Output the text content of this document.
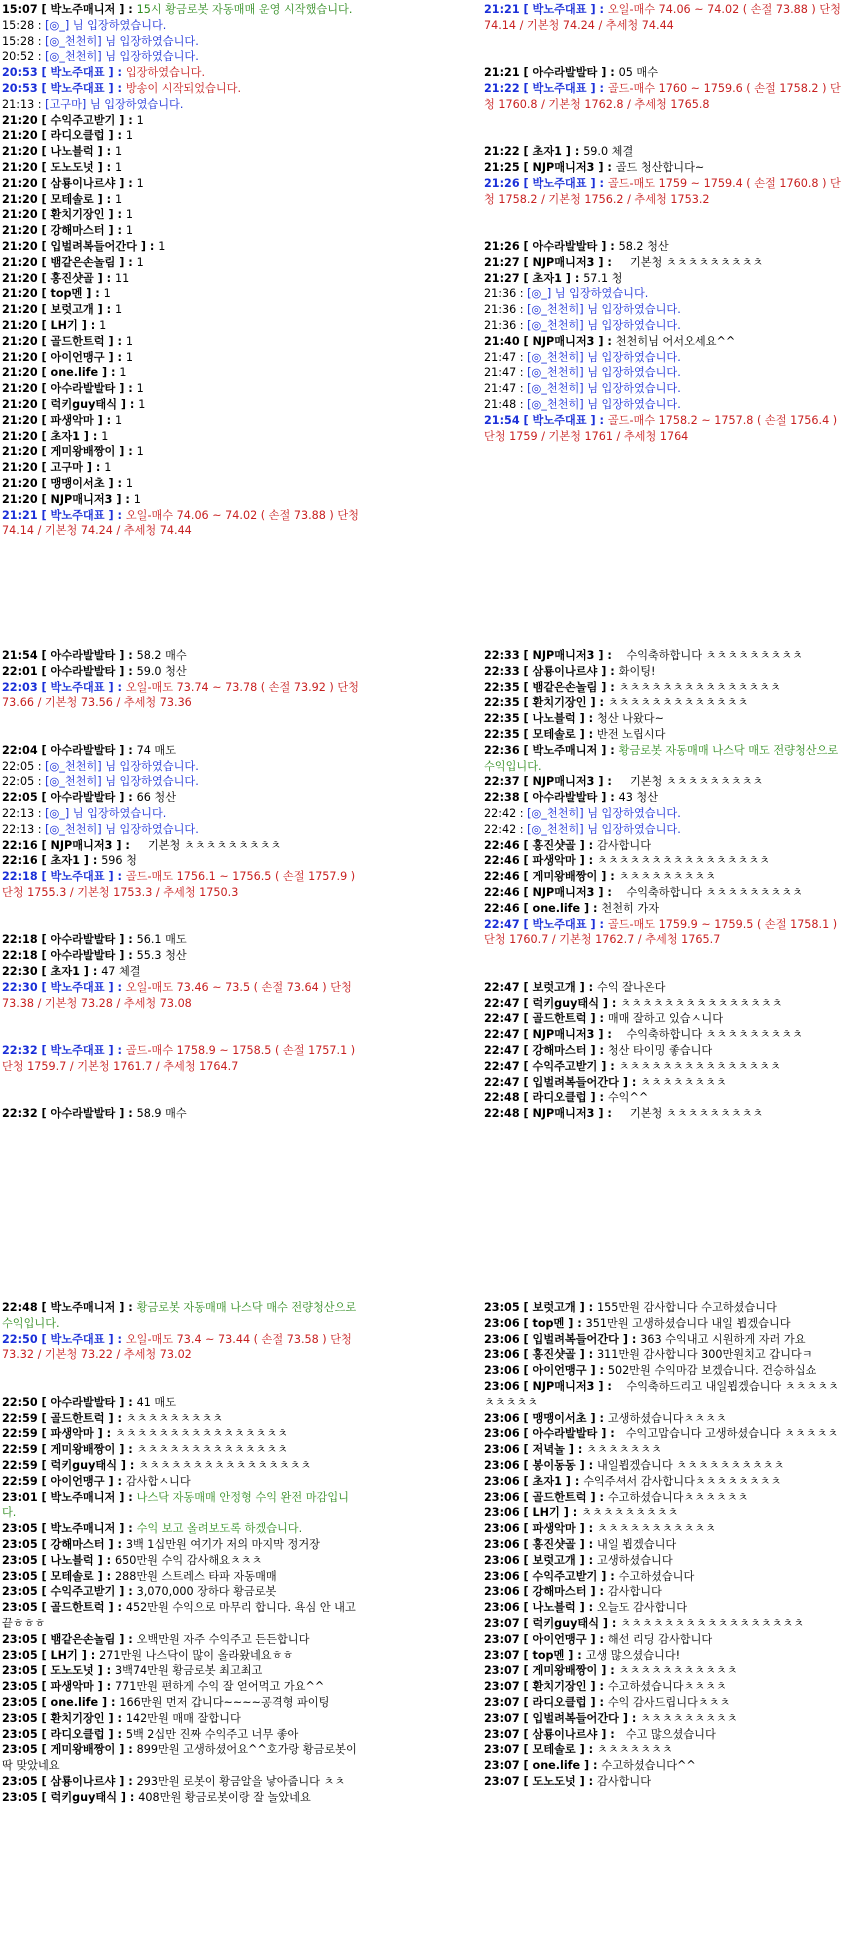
15:07 [ 박노주매니저 ] : 15시 황금로봇 자동매매 운영 시작했습니다.
15:28 : [◎_] 님 입장하였습니다.
15:28 : [◎_천천히] 님 입장하였습니다.
20:52 : [◎_천천히] 님 입장하였습니다.
20:53 [ 박노주대표 ] : 입장하였습니다.
20:53 [ 박노주대표 ] : 방송이 시작되었습니다.
21:13 : [고구마] 님 입장하였습니다.
21:20 [ 수익주고받기 ] : 1
21:20 [ 라디오클럽 ] : 1
21:20 [ 나노블럭 ] : 1
21:20 [ 도노도넛 ] : 1
21:20 [ 삼룡이나르샤 ] : 1
21:20 [ 모테솔로 ] : 1
21:20 [ 환치기장인 ] : 1
21:20 [ 강해마스터 ] : 1
21:20 [ 입벌려복들어간다 ] : 1
21:20 [ 뱀같은손놀림 ] : 1
21:20 [ 홍진샷골 ] : 11
21:20 [ top멘 ] : 1
21:20 [ 보럿고개 ] : 1
21:20 [ LH기 ] : 1
21:20 [ 골드한트럭 ] : 1
21:20 [ 아이언맹구 ] : 1
21:20 [ one.life ] : 1
21:20 [ 아수라발발타 ] : 1
21:20 [ 럭키guy태식 ] : 1
21:20 [ 파생악마 ] : 1
21:20 [ 초자1 ] : 1
21:20 [ 게미왕배짱이 ] : 1
21:20 [ 고구마 ] : 1
21:20 [ 맹맹이서초 ] : 1
21:20 [ NJP매니저3 ] : 1
21:21 [ 박노주대표 ] : 오일-매수 74.06 ~ 74.02 ( 손절 73.88 ) 단청 74.14 / 기본청 74.24 / 추세청 74.44
21:21 [ 박노주대표 ] : 오일-매수 74.06 ~ 74.02 ( 손절 73.88 ) 단청 74.14 / 기본청 74.24 / 추세청 74.44
21:21 [ 아수라발발타 ] : 05 매수
21:22 [ 박노주대표 ] : 골드-매수 1760 ~ 1759.6 ( 손절 1758.2 ) 단청 1760.8 / 기본청 1762.8 / 추세청 1765.8
21:22 [ 초자1 ] : 59.0 체결
21:25 [ NJP매니저3 ] : 골드 청산합니다~
21:26 [ 박노주대표 ] : 골드-매도 1759 ~ 1759.4 ( 손절 1760.8 ) 단청 1758.2 / 기본청 1756.2 / 추세청 1753.2
21:26 [ 아수라발발타 ] : 58.2 청산
21:27 [ NJP매니저3 ] :     기본청 ㅊㅊㅊㅊㅊㅊㅊㅊㅊ
21:27 [ 초자1 ] : 57.1 청
21:36 : [◎_] 님 입장하였습니다.
21:36 : [◎_천천히] 님 입장하였습니다.
21:36 : [◎_천천히] 님 입장하였습니다.
21:40 [ NJP매니저3 ] : 천천히님 어서오세요^^
21:47 : [◎_천천히] 님 입장하였습니다.
21:47 : [◎_천천히] 님 입장하였습니다.
21:47 : [◎_천천히] 님 입장하였습니다.
21:48 : [◎_천천히] 님 입장하였습니다.
21:54 [ 박노주대표 ] : 골드-매수 1758.2 ~ 1757.8 ( 손절 1756.4 ) 단청 1759 / 기본청 1761 / 추세청 1764
21:54 [ 아수라발발타 ] : 58.2 매수
22:01 [ 아수라발발타 ] : 59.0 청산
22:03 [ 박노주대표 ] : 오일-매도 73.74 ~ 73.78 ( 손절 73.92 ) 단청 73.66 / 기본청 73.56 / 추세청 73.36
22:04 [ 아수라발발타 ] : 74 매도
22:05 : [◎_천천히] 님 입장하였습니다.
22:05 : [◎_천천히] 님 입장하였습니다.
22:05 [ 아수라발발타 ] : 66 청산
22:13 : [◎_] 님 입장하였습니다.
22:13 : [◎_천천히] 님 입장하였습니다.
22:16 [ NJP매니저3 ] :     기본청 ㅊㅊㅊㅊㅊㅊㅊㅊㅊ
22:16 [ 초자1 ] : 596 청
22:18 [ 박노주대표 ] : 골드-매도 1756.1 ~ 1756.5 ( 손절 1757.9 ) 단청 1755.3 / 기본청 1753.3 / 추세청 1750.3
22:18 [ 아수라발발타 ] : 56.1 매도
22:18 [ 아수라발발타 ] : 55.3 청산
22:30 [ 초자1 ] : 47 체결
22:30 [ 박노주대표 ] : 오일-매도 73.46 ~ 73.5 ( 손절 73.64 ) 단청 73.38 / 기본청 73.28 / 추세청 73.08
22:32 [ 박노주대표 ] : 골드-매수 1758.9 ~ 1758.5 ( 손절 1757.1 ) 단청 1759.7 / 기본청 1761.7 / 추세청 1764.7
22:32 [ 아수라발발타 ] : 58.9 매수
22:33 [ NJP매니저3 ] :    수익축하합니다 ㅊㅊㅊㅊㅊㅊㅊㅊㅊ
22:33 [ 삼룡이나르샤 ] : 화이팅!
22:35 [ 뱀같은손놀림 ] : ㅊㅊㅊㅊㅊㅊㅊㅊㅊㅊㅊㅊㅊㅊㅊ
22:35 [ 환치기장인 ] : ㅊㅊㅊㅊㅊㅊㅊㅊㅊㅊㅊㅊㅊ
22:35 [ 나노블럭 ] : 청산 나왔다~
22:35 [ 모테솔로 ] : 반전 노립시다
22:36 [ 박노주매니저 ] : 황금로봇 자동매매 나스닥 매도 전량청산으로 수익입니다.
22:37 [ NJP매니저3 ] :     기본청 ㅊㅊㅊㅊㅊㅊㅊㅊㅊ
22:38 [ 아수라발발타 ] : 43 청산
22:42 : [◎_천천히] 님 입장하였습니다.
22:42 : [◎_천천히] 님 입장하였습니다.
22:46 [ 홍진샷골 ] : 감사합니다
22:46 [ 파생악마 ] : ㅊㅊㅊㅊㅊㅊㅊㅊㅊㅊㅊㅊㅊㅊㅊㅊ
22:46 [ 게미왕배짱이 ] : ㅊㅊㅊㅊㅊㅊㅊㅊㅊ
22:46 [ NJP매니저3 ] :    수익축하합니다 ㅊㅊㅊㅊㅊㅊㅊㅊㅊ
22:46 [ one.life ] : 천천히 가자
22:47 [ 박노주대표 ] : 골드-매도 1759.9 ~ 1759.5 ( 손절 1758.1 ) 단청 1760.7 / 기본청 1762.7 / 추세청 1765.7
22:47 [ 보럿고개 ] : 수익 잘나온다
22:47 [ 럭키guy태식 ] : ㅊㅊㅊㅊㅊㅊㅊㅊㅊㅊㅊㅊㅊㅊㅊ
22:47 [ 골드한트럭 ] : 매매 잘하고 있습ㅅ니다
22:47 [ NJP매니저3 ] :    수익축하합니다 ㅊㅊㅊㅊㅊㅊㅊㅊㅊ
22:47 [ 강해마스터 ] : 청산 타이밍 좋습니다
22:47 [ 수익주고받기 ] : ㅊㅊㅊㅊㅊㅊㅊㅊㅊㅊㅊㅊㅊㅊㅊ
22:47 [ 입벌려복들어간다 ] : ㅊㅊㅊㅊㅊㅊㅊㅊ
22:48 [ 라디오클럽 ] : 수익^^
22:48 [ NJP매니저3 ] :     기본청 ㅊㅊㅊㅊㅊㅊㅊㅊㅊ
22:48 [ 박노주매니저 ] : 황금로봇 자동매매 나스닥 매수 전량청산으로 수익입니다.
22:50 [ 박노주대표 ] : 오일-매도 73.4 ~ 73.44 ( 손절 73.58 ) 단청 73.32 / 기본청 73.22 / 추세청 73.02
22:50 [ 아수라발발타 ] : 41 매도
22:59 [ 골드한트럭 ] : ㅊㅊㅊㅊㅊㅊㅊㅊㅊ
22:59 [ 파생악마 ] : ㅊㅊㅊㅊㅊㅊㅊㅊㅊㅊㅊㅊㅊㅊㅊㅊ
22:59 [ 게미왕배짱이 ] : ㅊㅊㅊㅊㅊㅊㅊㅊㅊㅊㅊㅊㅊㅊ
22:59 [ 럭키guy태식 ] : ㅊㅊㅊㅊㅊㅊㅊㅊㅊㅊㅊㅊㅊㅊㅊㅊ
22:59 [ 아이언맹구 ] : 감사합ㅅ니다
23:01 [ 박노주매니저 ] : 나스닥 자동매매 안정형 수익 완전 마감입니다.
23:05 [ 박노주매니저 ] : 수익 보고 올려보도록 하겠습니다.
23:05 [ 강해마스터 ] : 3백 1십만원 여기가 저의 마지막 정거장
23:05 [ 나노블럭 ] : 650만원 수익 감사해요ㅊㅊㅊ
23:05 [ 모테솔로 ] : 288만원 스트레스 타파 자동매매
23:05 [ 수익주고받기 ] : 3,070,000 장하다 황금로봇
23:05 [ 골드한트럭 ] : 452만원 수익으로 마무리 합니다. 욕심 안 내고 끝ㅎㅎㅎ
23:05 [ 뱀같은손놀림 ] : 오백만원 자주 수익주고 든든합니다
23:05 [ LH기 ] : 271만원 나스닥이 많이 올라왔네요ㅎㅎ
23:05 [ 도노도넛 ] : 3백74만원 황금로봇 최고최고
23:05 [ 파생악마 ] : 771만원 편하게 수익 잘 얻어먹고 가요^^
23:05 [ one.life ] : 166만원 먼저 갑니다~~~~공격형 파이팅
23:05 [ 환치기장인 ] : 142만원 매매 잘합니다
23:05 [ 라디오클럽 ] : 5백 2십만 진짜 수익주고 너무 좋아
23:05 [ 게미왕배짱이 ] : 899만원 고생하셨어요^^호가랑 황금로봇이 딱 맞았네요
23:05 [ 삼룡이나르샤 ] : 293만원 로봇이 황금알을 낳아줍니다 ㅊㅊ
23:05 [ 럭키guy태식 ] : 408만원 황금로봇이랑 잘 놀았네요
23:05 [ 보럿고개 ] : 155만원 감사합니다 수고하셨습니다
23:06 [ top멘 ] : 351만원 고생하셨습니다 내일 뵙겠습니다
23:06 [ 입벌려복들어간다 ] : 363 수익내고 시원하게 자러 가요
23:06 [ 홍진샷골 ] : 311만원 감사합니다 300만원치고 갑니다ㅋ
23:06 [ 아이언맹구 ] : 502만원 수익마감 보겠습니다. 건승하십쇼
23:06 [ NJP매니저3 ] :    수익축하드리고 내일뵙겠습니다 ㅊㅊㅊㅊㅊㅊㅊㅊㅊㅊ
23:06 [ 맹맹이서초 ] : 고생하셨습니다ㅊㅊㅊㅊ
23:06 [ 아수라발발타 ] :   수익고맙습니다 고생하셨습니다 ㅊㅊㅊㅊㅊ
23:06 [ 저녁놀 ] : ㅊㅊㅊㅊㅊㅊㅊ
23:06 [ 봉이동동 ] : 내일뵙겠습니다 ㅊㅊㅊㅊㅊㅊㅊㅊㅊㅊ
23:06 [ 초자1 ] : 수익주셔서 감사합니다ㅊㅊㅊㅊㅊㅊㅊㅊ
23:06 [ 골드한트럭 ] : 수고하셨습니다ㅊㅊㅊㅊㅊㅊ
23:06 [ LH기 ] : ㅊㅊㅊㅊㅊㅊㅊㅊㅊ
23:06 [ 파생악마 ] : ㅊㅊㅊㅊㅊㅊㅊㅊㅊㅊㅊ
23:06 [ 홍진샷골 ] : 내일 뵙겠습니다
23:06 [ 보럿고개 ] : 고생하셨습니다
23:06 [ 수익주고받기 ] : 수고하셨습니다
23:06 [ 강해마스터 ] : 감사합니다
23:06 [ 나노블럭 ] : 오늘도 감사합니다
23:07 [ 럭키guy태식 ] : ㅊㅊㅊㅊㅊㅊㅊㅊㅊㅊㅊㅊㅊㅊㅊㅊㅊ
23:07 [ 아이언맹구 ] : 해선 리딩 감사합니다
23:07 [ top멘 ] : 고생 많으셨습니다!
23:07 [ 게미왕배짱이 ] : ㅊㅊㅊㅊㅊㅊㅊㅊㅊㅊㅊ
23:07 [ 환치기장인 ] : 수고하셨습니다ㅊㅊㅊㅊ
23:07 [ 라디오클럽 ] : 수익 감사드립니다ㅊㅊㅊ
23:07 [ 입벌려복들어간다 ] : ㅊㅊㅊㅊㅊㅊㅊㅊㅊ
23:07 [ 삼룡이나르샤 ] :   수고 많으셨습니다
23:07 [ 모테솔로 ] : ㅊㅊㅊㅊㅊㅊㅊ
23:07 [ one.life ] : 수고하셨습니다^^
23:07 [ 도노도넛 ] : 감사합니다
